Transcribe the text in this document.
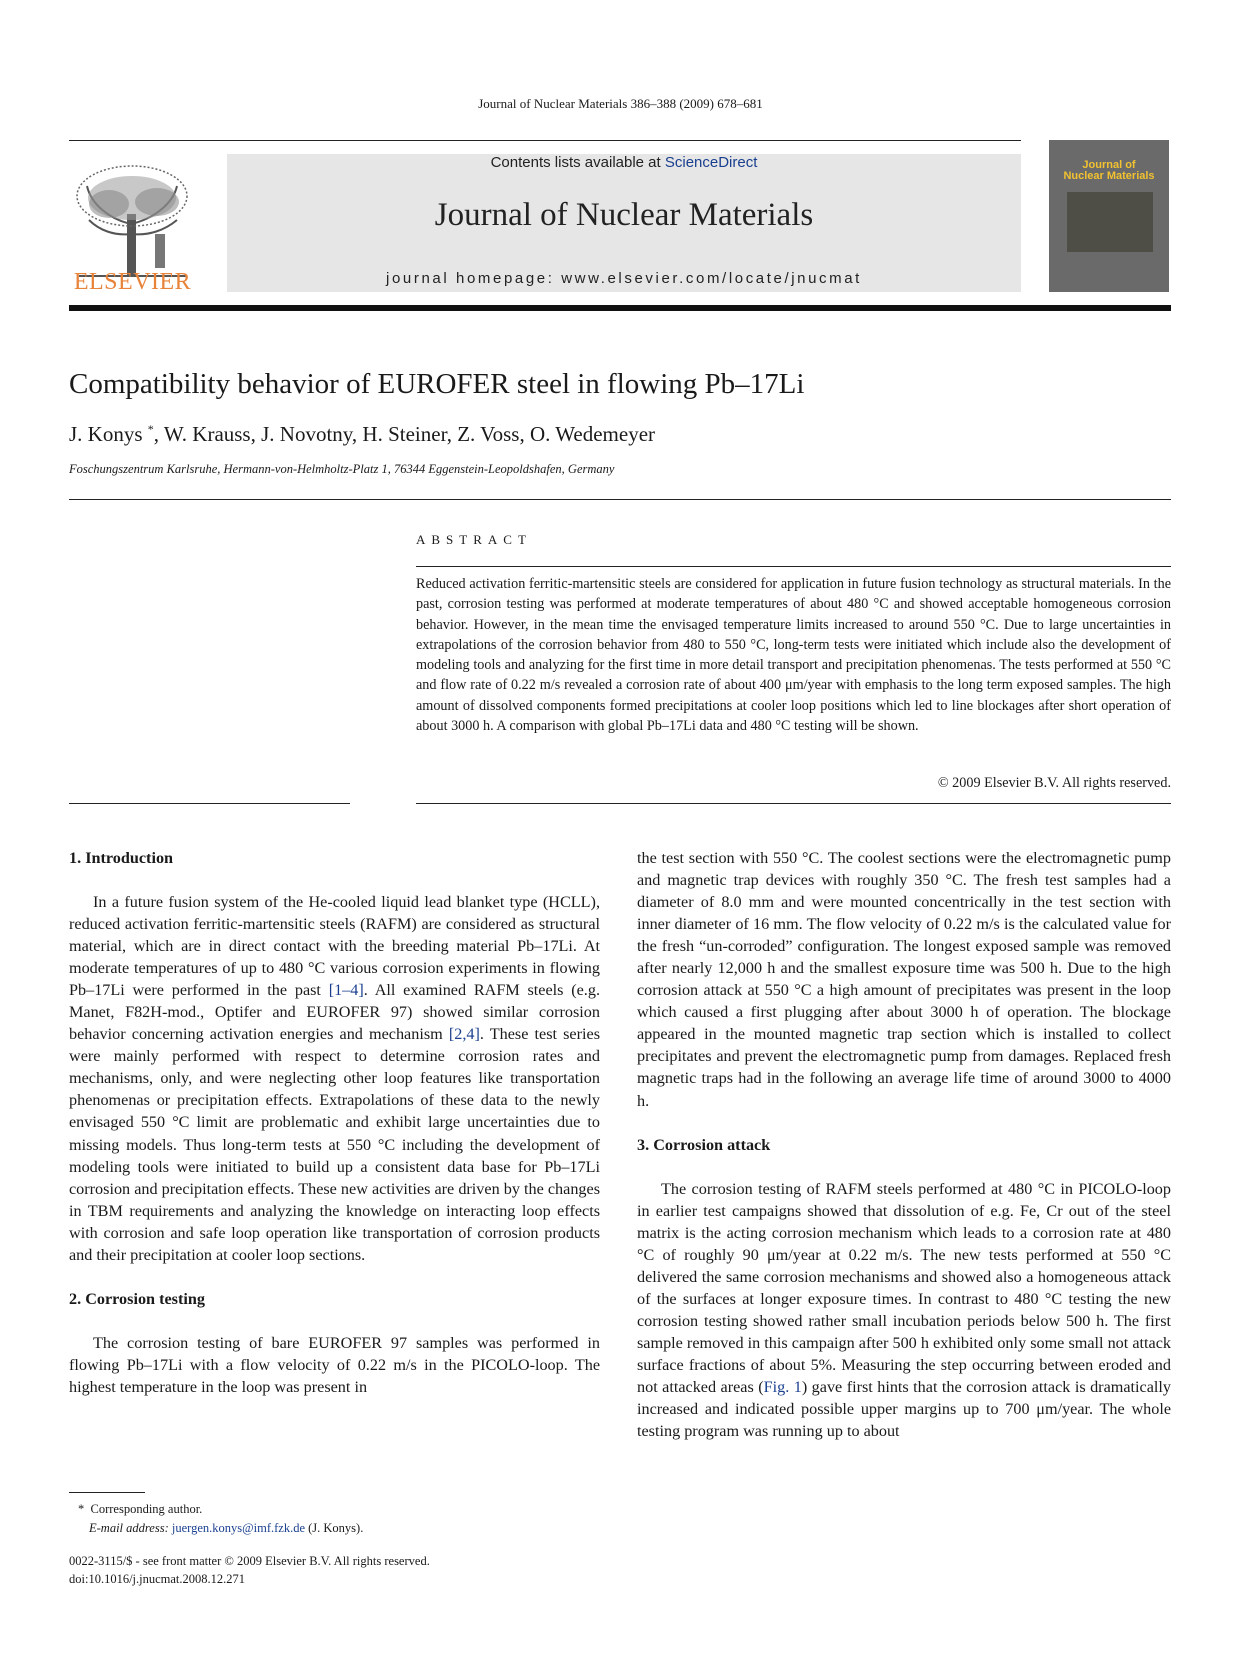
Journal of Nuclear Materials 386–388 (2009) 678–681
ELSEVIER
Contents lists available at ScienceDirect
Journal of Nuclear Materials
journal homepage: www.elsevier.com/locate/jnucmat
Journal of
Nuclear Materials
Compatibility behavior of EUROFER steel in flowing Pb–17Li
J. Konys *, W. Krauss, J. Novotny, H. Steiner, Z. Voss, O. Wedemeyer
Foschungszentrum Karlsruhe, Hermann-von-Helmholtz-Platz 1, 76344 Eggenstein-Leopoldshafen, Germany
ABSTRACT
Reduced activation ferritic-martensitic steels are considered for application in future fusion technology as structural materials. In the past, corrosion testing was performed at moderate temperatures of about 480 °C and showed acceptable homogeneous corrosion behavior. However, in the mean time the envisaged temperature limits increased to around 550 °C. Due to large uncertainties in extrapolations of the corrosion behavior from 480 to 550 °C, long-term tests were initiated which include also the development of modeling tools and analyzing for the first time in more detail transport and precipitation phenomenas. The tests performed at 550 °C and flow rate of 0.22 m/s revealed a corrosion rate of about 400 μm/year with emphasis to the long term exposed samples. The high amount of dissolved components formed precipitations at cooler loop positions which led to line blockages after short operation of about 3000 h. A comparison with global Pb–17Li data and 480 °C testing will be shown.
© 2009 Elsevier B.V. All rights reserved.
1. Introduction

In a future fusion system of the He-cooled liquid lead blanket type (HCLL), reduced activation ferritic-martensitic steels (RAFM) are considered as structural material, which are in direct contact with the breeding material Pb–17Li. At moderate temperatures of up to 480 °C various corrosion experiments in flowing Pb–17Li were performed in the past [1–4]. All examined RAFM steels (e.g. Manet, F82H-mod., Optifer and EUROFER 97) showed similar corrosion behavior concerning activation energies and mechanism [2,4]. These test series were mainly performed with respect to determine corrosion rates and mechanisms, only, and were neglecting other loop features like transportation phenomenas or precipitation effects. Extrapolations of these data to the newly envisaged 550 °C limit are problematic and exhibit large uncertainties due to missing models. Thus long-term tests at 550 °C including the development of modeling tools were initiated to build up a consistent data base for Pb–17Li corrosion and precipitation effects. These new activities are driven by the changes in TBM requirements and analyzing the knowledge on interacting loop effects with corrosion and safe loop operation like transportation of corrosion products and their precipitation at cooler loop sections.

2. Corrosion testing

The corrosion testing of bare EUROFER 97 samples was performed in flowing Pb–17Li with a flow velocity of 0.22 m/s in the PICOLO-loop. The highest temperature in the loop was present in

the test section with 550 °C. The coolest sections were the electromagnetic pump and magnetic trap devices with roughly 350 °C. The fresh test samples had a diameter of 8.0 mm and were mounted concentrically in the test section with inner diameter of 16 mm. The flow velocity of 0.22 m/s is the calculated value for the fresh “un-corroded” configuration. The longest exposed sample was removed after nearly 12,000 h and the smallest exposure time was 500 h. Due to the high corrosion attack at 550 °C a high amount of precipitates was present in the loop which caused a first plugging after about 3000 h of operation. The blockage appeared in the mounted magnetic trap section which is installed to collect precipitates and prevent the electromagnetic pump from damages. Replaced fresh magnetic traps had in the following an average life time of around 3000 to 4000 h.

3. Corrosion attack

The corrosion testing of RAFM steels performed at 480 °C in PICOLO-loop in earlier test campaigns showed that dissolution of e.g. Fe, Cr out of the steel matrix is the acting corrosion mechanism which leads to a corrosion rate at 480 °C of roughly 90 μm/year at 0.22 m/s. The new tests performed at 550 °C delivered the same corrosion mechanisms and showed also a homogeneous attack of the surfaces at longer exposure times. In contrast to 480 °C testing the new corrosion testing showed rather small incubation periods below 500 h. The first sample removed in this campaign after 500 h exhibited only some small not attack surface fractions of about 5%. Measuring the step occurring between eroded and not attacked areas (Fig. 1) gave first hints that the corrosion attack is dramatically increased and indicated possible upper margins up to 700 μm/year. The whole testing program was running up to about

* Corresponding author.
E-mail address: juergen.konys@imf.fzk.de (J. Konys).
0022-3115/$ - see front matter © 2009 Elsevier B.V. All rights reserved.
doi:10.1016/j.jnucmat.2008.12.271
